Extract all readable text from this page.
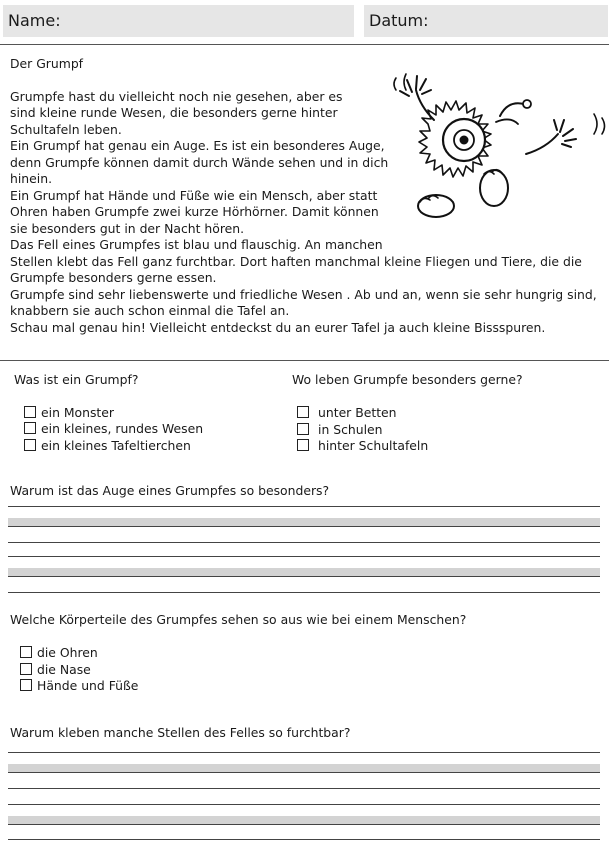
Name:	Datum:

Der Grumpf

Grumpfe hast du vielleicht noch nie gesehen, aber es

sind kleine runde Wesen, die besonders gerne hinter

Schultafeln leben.

Ein Grumpf hat genau ein Auge. Es ist ein besonderes Auge,

denn Grumpfe können damit durch Wände sehen und in dich

hinein.

Ein Grumpf hat Hände und Füße wie ein Mensch, aber statt

Ohren haben Grumpfe zwei kurze Hörhörner. Damit können

sie besonders gut in der Nacht hören.

Das Fell eines Grumpfes ist blau und flauschig. An manchen

Stellen klebt das Fell ganz furchtbar. Dort haften manchmal kleine Fliegen und Tiere, die die

Grumpfe besonders gerne essen.

Grumpfe sind sehr liebenswerte und friedliche Wesen . Ab und an, wenn sie sehr hungrig sind,

knabbern sie auch schon einmal die Tafel an.

Schau mal genau hin! Vielleicht entdeckst du an eurer Tafel ja auch kleine Bissspuren.

Was ist ein Grumpf?
ein Monster
ein kleines, rundes Wesen
ein kleines Tafeltierchen
Wo leben Grumpfe besonders gerne?
unter Betten
in Schulen
hinter Schultafeln
Warum ist das Auge eines Grumpfes so besonders?
Welche Körperteile des Grumpfes sehen so aus wie bei einem Menschen?
die Ohren
die Nase
Hände und Füße
Warum kleben manche Stellen des Felles so furchtbar?
